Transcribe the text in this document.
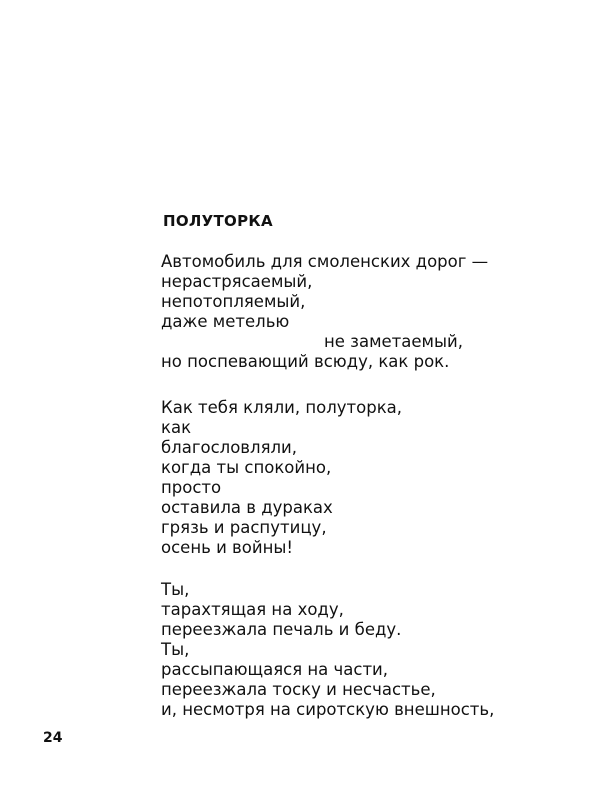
ПОЛУТОРКА
Автомобиль для смоленских дорог —
нерастрясаемый,
непотопляемый,
даже метелью
не заметаемый,
но поспевающий всюду, как рок.
Как тебя кляли, полуторка,
как
благословляли,
когда ты спокойно,
просто
оставила в дураках
грязь и распутицу,
осень и войны!
Ты,
тарахтящая на ходу,
переезжала печаль и беду.
Ты,
рассыпающаяся на части,
переезжала тоску и несчастье,
и, несмотря на сиротскую внешность,
24
